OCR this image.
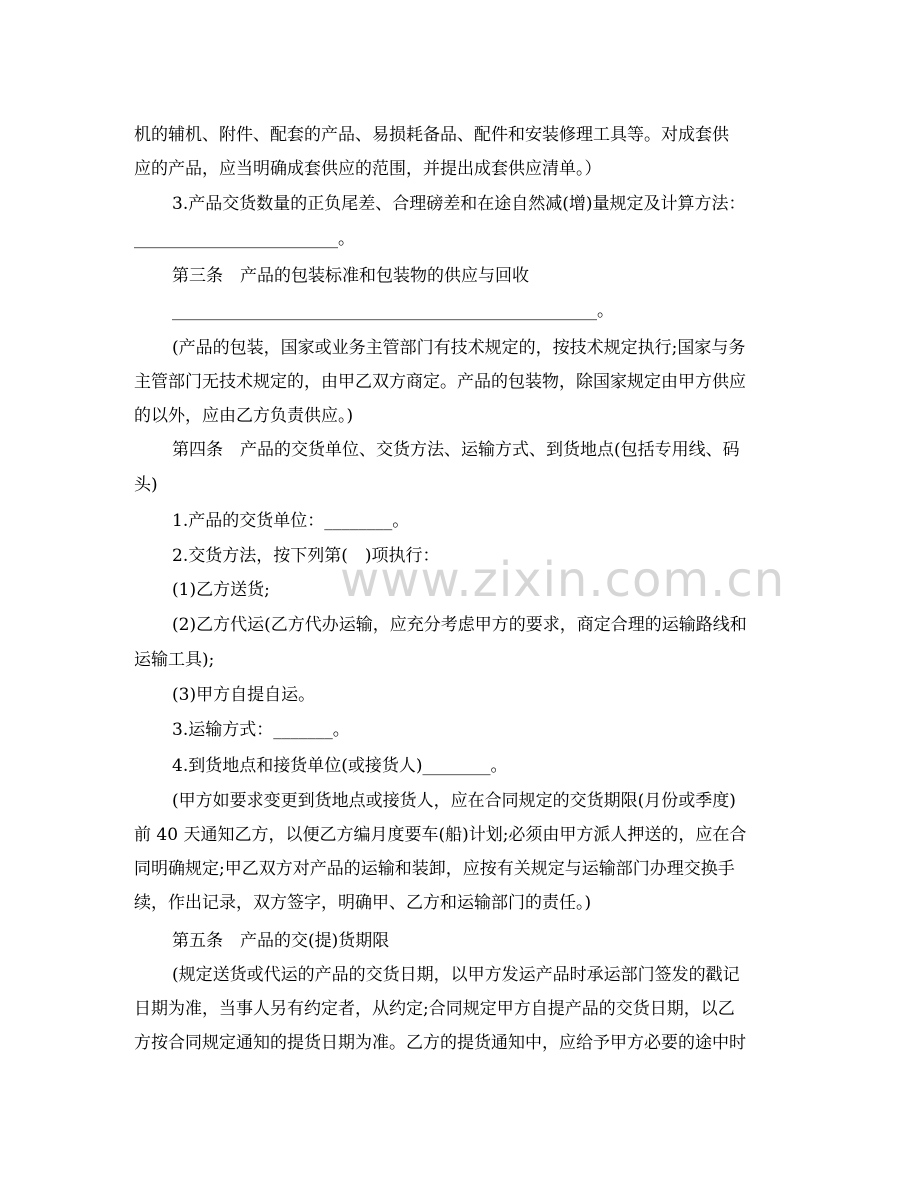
www.zixin.com.cn
机的辅机、附件、配套的产品、易损耗备品、配件和安装修理工具等。对成套供
应的产品，应当明确成套供应的范围，并提出成套供应清单。）
3.产品交货数量的正负尾差、合理磅差和在途自然减(增)量规定及计算方法：
________________________。
第三条　产品的包装标准和包装物的供应与回收
__________________________________________________。
(产品的包装，国家或业务主管部门有技术规定的，按技术规定执行;国家与务
主管部门无技术规定的，由甲乙双方商定。产品的包装物，除国家规定由甲方供应
的以外，应由乙方负责供应。)
第四条　产品的交货单位、交货方法、运输方式、到货地点(包括专用线、码
头)
1.产品的交货单位：________。
2.交货方法，按下列第(　)项执行：
(1)乙方送货;
(2)乙方代运(乙方代办运输，应充分考虑甲方的要求，商定合理的运输路线和
运输工具);
(3)甲方自提自运。
3.运输方式：_______。
4.到货地点和接货单位(或接货人)________。
(甲方如要求变更到货地点或接货人，应在合同规定的交货期限(月份或季度)
前 40 天通知乙方，以便乙方编月度要车(船)计划;必须由甲方派人押送的，应在合
同明确规定;甲乙双方对产品的运输和装卸，应按有关规定与运输部门办理交换手
续，作出记录，双方签字，明确甲、乙方和运输部门的责任。)
第五条　产品的交(提)货期限
(规定送货或代运的产品的交货日期，以甲方发运产品时承运部门签发的戳记
日期为准，当事人另有约定者，从约定;合同规定甲方自提产品的交货日期，以乙
方按合同规定通知的提货日期为准。乙方的提货通知中，应给予甲方必要的途中时
